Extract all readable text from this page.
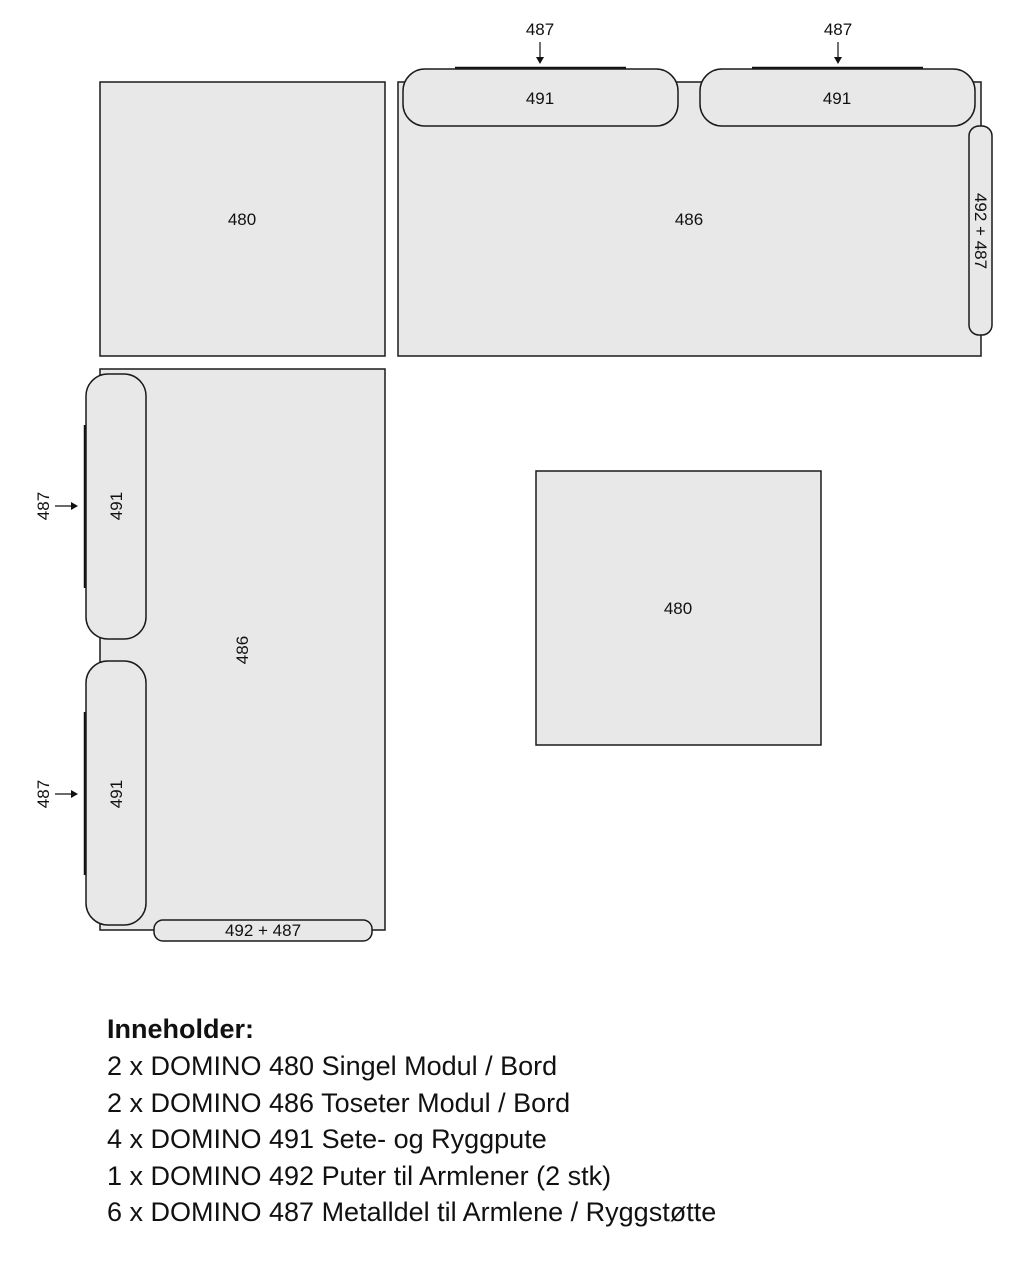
480	486
491	491
487	487
492 + 487
486
491
491
487
487
492 + 487
480

Inneholder:

2 x DOMINO 480 Singel Modul / Bord

2 x DOMINO 486 Toseter Modul / Bord

4 x DOMINO 491 Sete- og Ryggpute

1 x DOMINO 492 Puter til Armlener (2 stk)

6 x DOMINO 487 Metalldel til Armlene / Ryggstøtte
